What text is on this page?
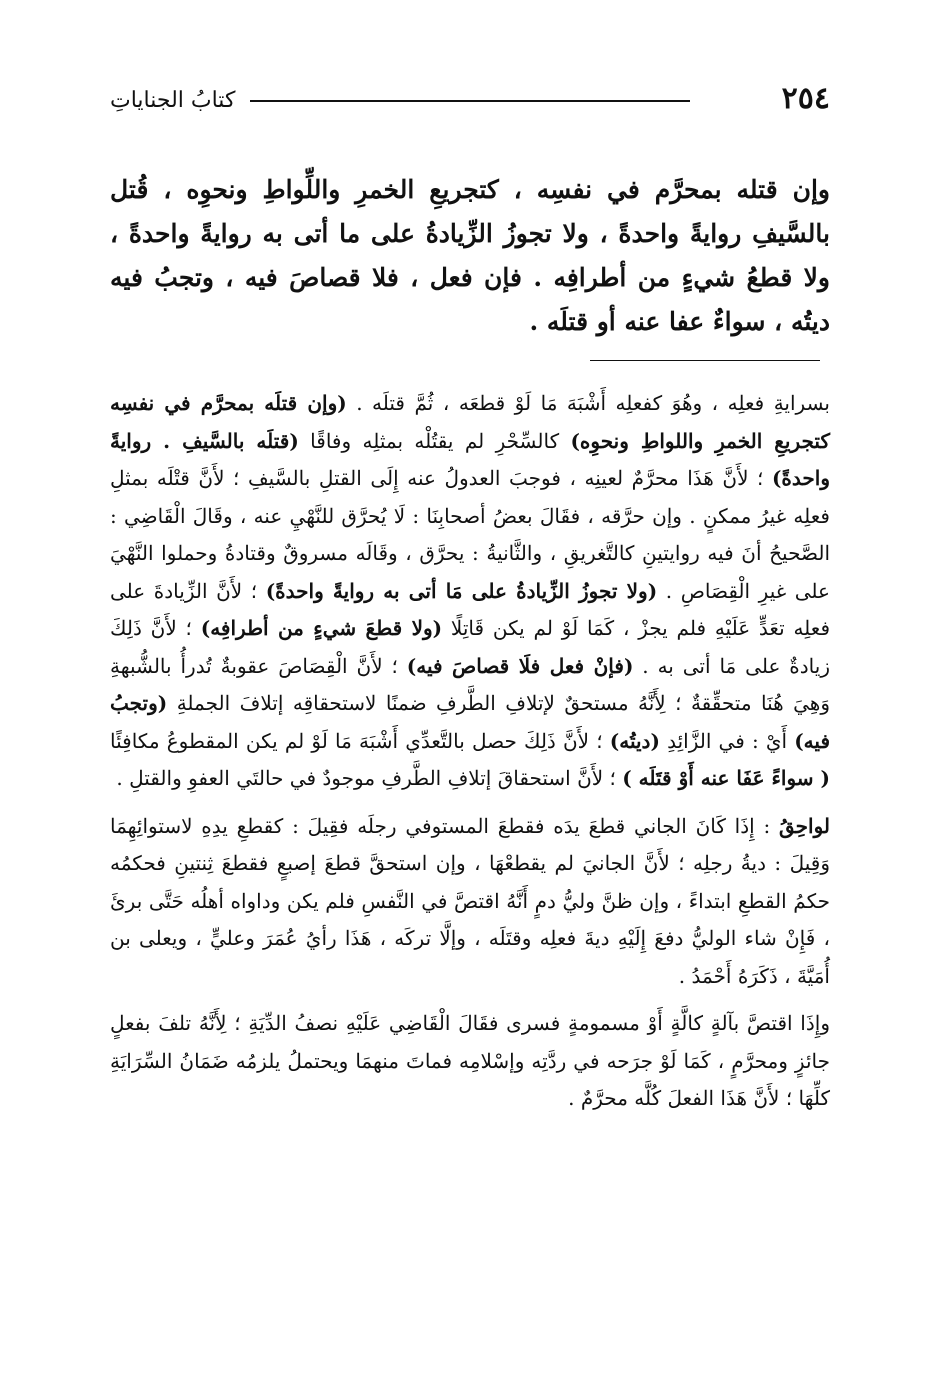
٢٥٤
كتابُ الجناياتِ

وإن قتله بمحرَّم في نفسِه ، كتجريعِ الخمرِ واللِّواطِ ونحوِه ، قُتل بالسَّيفِ روايةً واحدةً ، ولا تجوزُ الزِّيادةُ على ما أتى به روايةً واحدةً ، ولا قطعُ شيءٍ من أطرافِه . فإن فعل ، فلا قصاصَ فيه ، وتجبُ فيه ديتُه ، سواءٌ عفا عنه أو قتلَه .

بسرايةِ فعلِه ، وهُوَ كفعلِه أَشْبَهَ مَا لَوْ قطعَه ، ثُمَّ قتلَه . (وإن قتلَه بمحرَّم في نفسِه كتجريعِ الخمرِ واللواطِ ونحوِه) كالسِّحْرِ لم يقتُلْه بمثلِه وفاقًا (قتلَه بالسَّيفِ . روايةً واحدةً) ؛ لأَنَّ هَذَا محرَّمٌ لعينِه ، فوجبَ العدولُ عنه إِلَى القتلِ بالسَّيفِ ؛ لأَنَّ قتْلَه بمثلِ فعلِه غيرُ ممكنٍ . وإن حرَّقه ، فقَالَ بعضُ أصحابِنَا : لَا يُحرَّق للنَّهْيِ عنه ، وقَالَ الْقَاضِي : الصَّحيحُ أنَ فيه روايتينِ كالتَّغريقِ ، والثَّانيةُ : يحرَّق ، وقَالَه مسروقٌ وقتادةُ وحملوا النَّهْيَ على غيرِ الْقِصَاصِ . (ولا تجوزُ الزِّيادةُ على مَا أتى به روايةً واحدةً) ؛ لأَنَّ الزِّيادةَ على فعلِه تعَدٍّ عَلَيْهِ فلم يجزْ ، كَمَا لَوْ لم يكن قَاتِلًا (ولا قطعَ شيءٍ من أطرافِه) ؛ لأَنَّ ذَلِكَ زيادةٌ على مَا أتى به . (فإنْ فعل فلَا قصاصَ فيه) ؛ لأَنَّ الْقِصَاصَ عقوبةٌ تُدرأُ بالشُّبهةِ وَهِيَ هُنَا متحقِّقةٌ ؛ لِأَنَّهُ مستحقٌ لإتلافِ الطَّرفِ ضمنًا لاستحقاقِه إتلافَ الجملةِ (وتجبُ فيه) أَيْ : في الزَّائِدِ (ديتُه) ؛ لأَنَّ ذَلِكَ حصل بالتَّعدِّي أَشْبَهَ مَا لَوْ لم يكن المقطوعُ مكافِئًا ( سواءً عَفَا عنه أَوْ قتَلَه ) ؛ لأَنَّ استحقاقَ إتلافِ الطَّرفِ موجودٌ في حالتَي العفوِ والقتلِ .

لواحِقُ : إِذَا كَانَ الجاني قطعَ يدَه فقطعَ المستوفي رجلَه فقِيلَ : كقطعِ يدِهِ لاستوائِهِمَا وَقِيلَ : ديةُ رجلِه ؛ لأَنَّ الجانيَ لم يقطعْهَا ، وإن استحقَّ قطعَ إصبعٍ فقطعَ ثِنتينِ فحكمُه حكمُ القطعِ ابتداءً ، وإن ظنَّ وليُّ دمٍ أَنَّهُ اقتصَّ في النَّفسِ فلم يكن وداواه أهلُه حَتَّى برئَ ، فَإِنْ شاء الوليُّ دفعَ إِلَيْهِ ديةَ فعلِه وقتَلَه ، وإلَّا تركَه ، هَذَا رأيُ عُمَرَ وعليٍّ ، ويعلى بن أُمَيَّةَ ، ذَكَرَهُ أَحْمَدُ .

وإِذَا اقتصَّ بآلةٍ كالَّةٍ أَوْ مسمومةٍ فسرى فقَالَ الْقَاضِي عَلَيْهِ نصفُ الدِّيَةِ ؛ لِأَنَّهُ تلفَ بفعلٍ جائزٍ ومحرَّمٍ ، كَمَا لَوْ جرَحه في ردَّتِه وإسْلامِه فماتَ منهمَا ويحتملُ يلزمُه ضَمَانُ السِّرَايَةِ كلِّهَا ؛ لأَنَّ هَذَا الفعلَ كُلَّه محرَّمٌ .
